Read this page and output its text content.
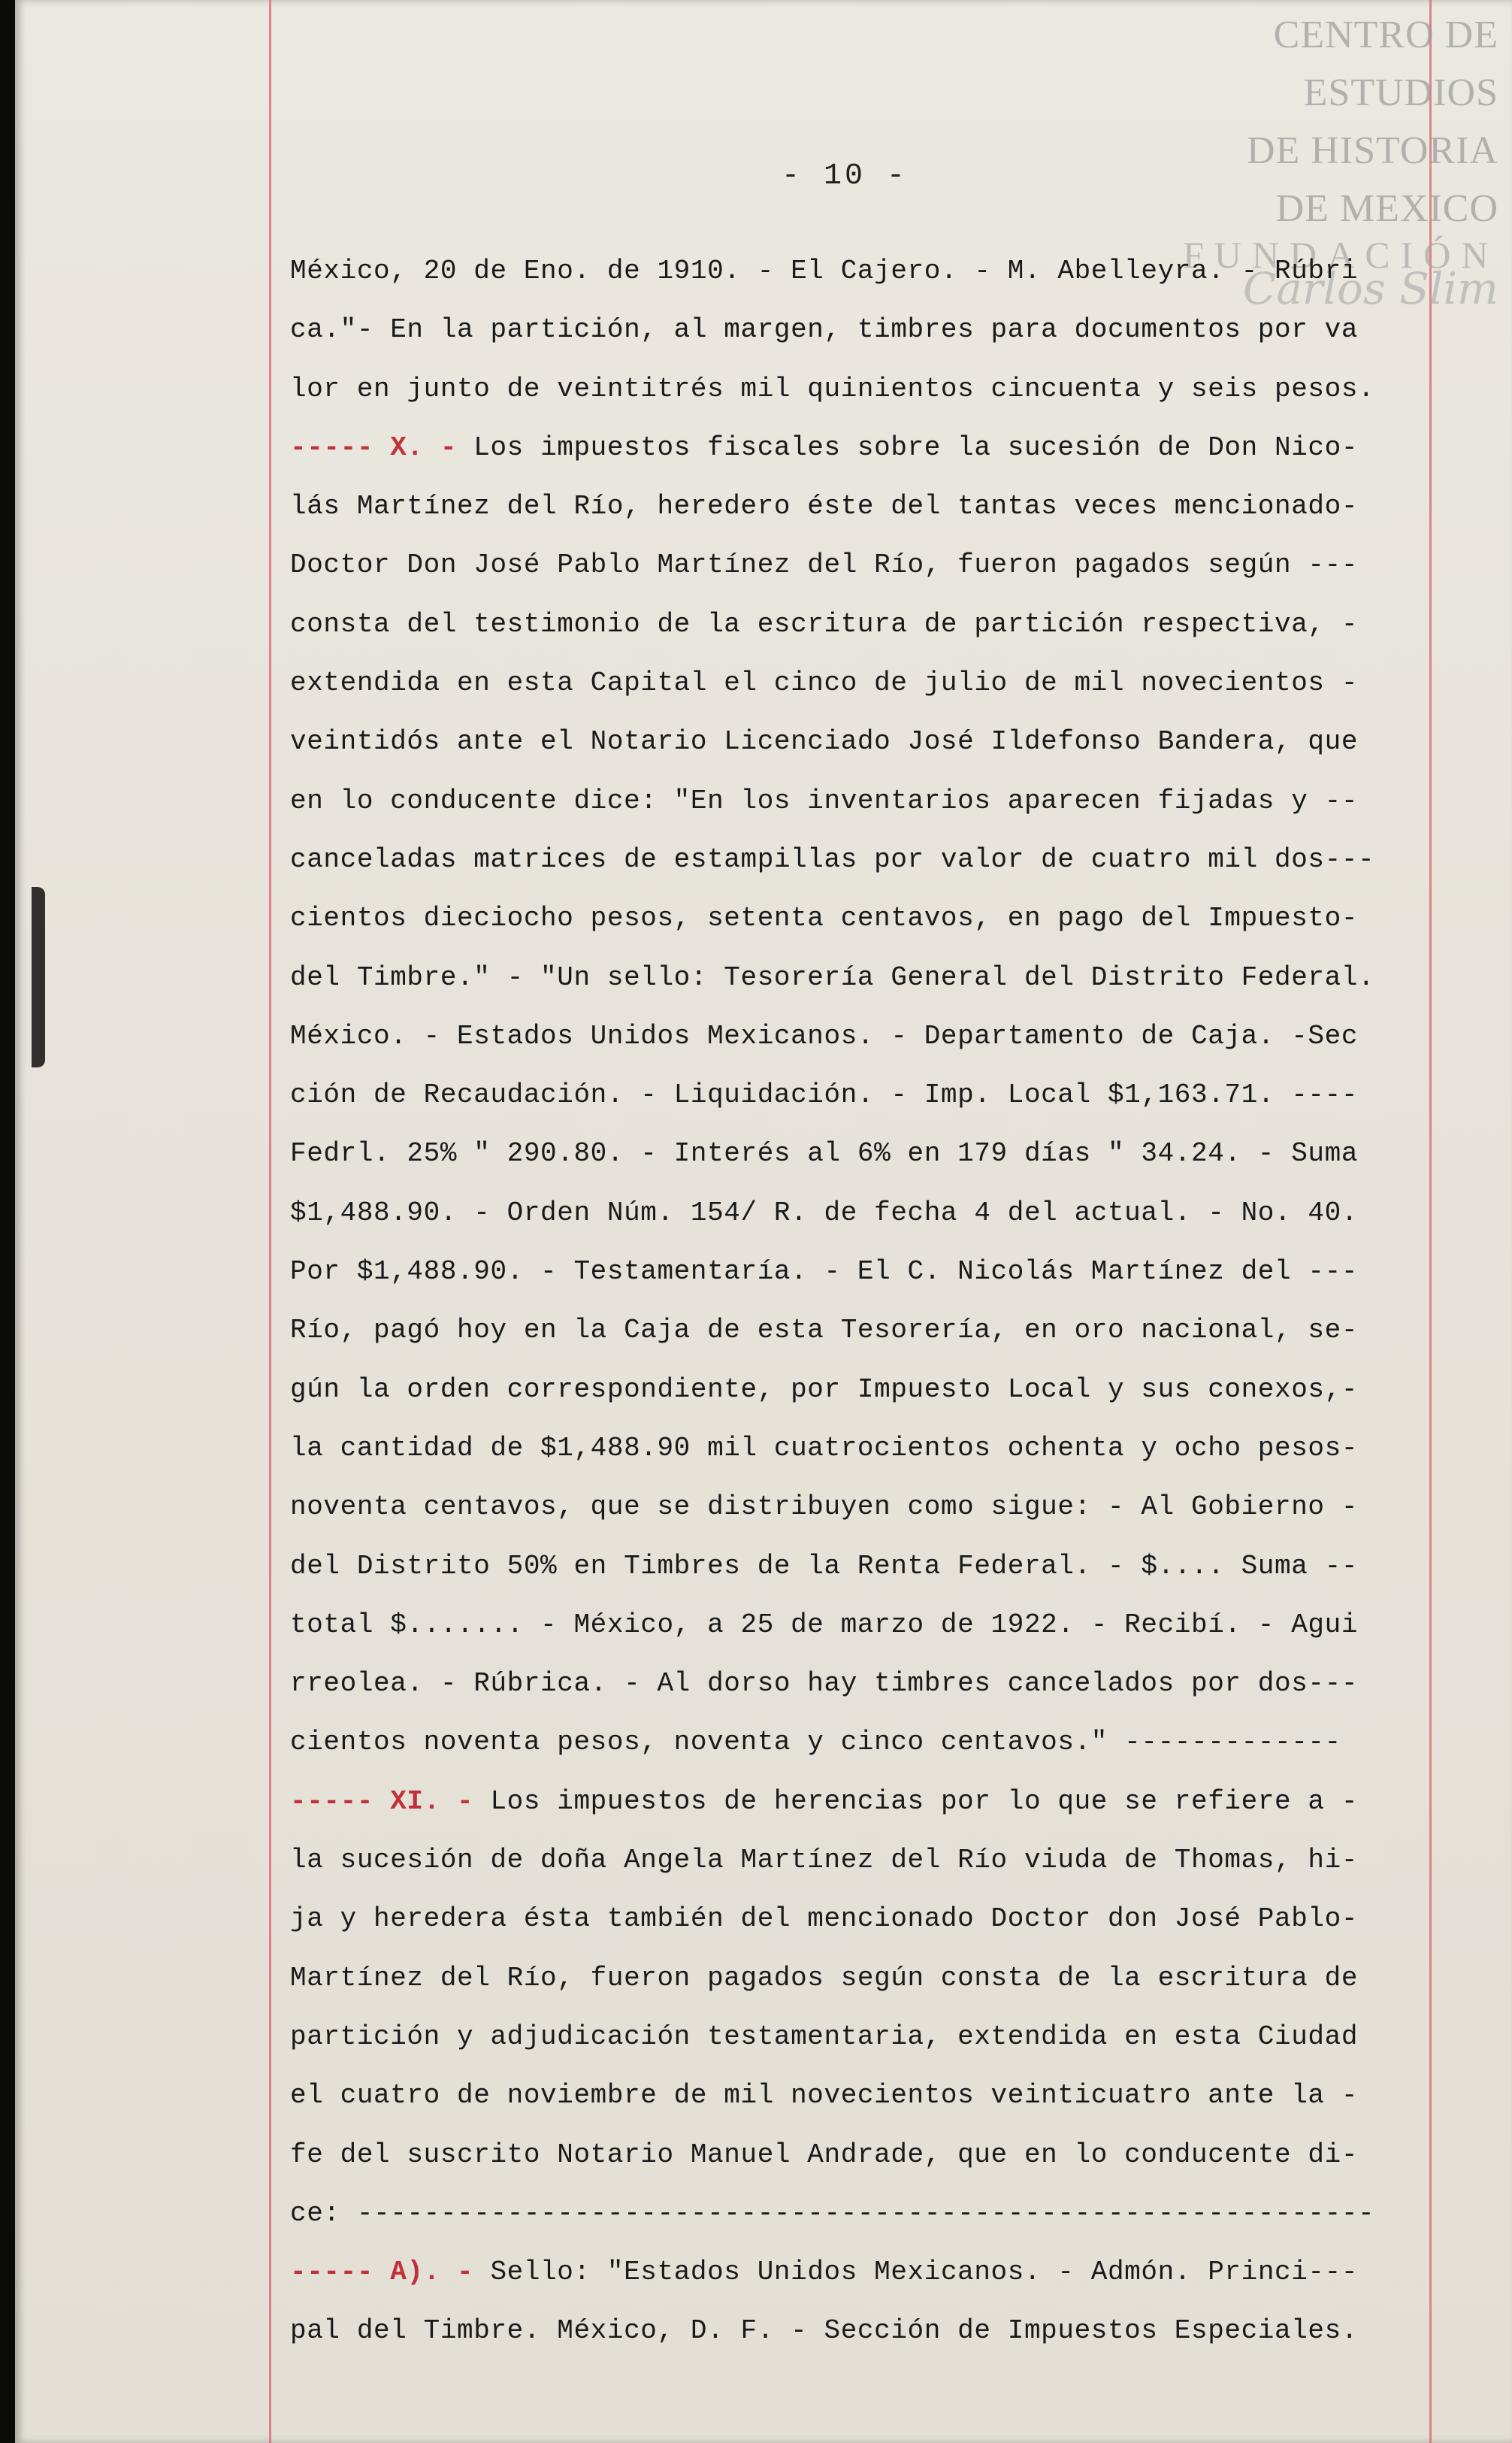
- 10 -
CENTRO DE
ESTUDIOS
DE HISTORIA
DE MEXICO
FUNDACIÓN
Carlos Slim
México, 20 de Eno. de 1910. - El Cajero. - M. Abelleyra. - Rúbri
ca."- En la partición, al margen, timbres para documentos por va
lor en junto de veintitrés mil quinientos cincuenta y seis pesos.
----- X. - Los impuestos fiscales sobre la sucesión de Don Nico-
lás Martínez del Río, heredero éste del tantas veces mencionado-
Doctor Don José Pablo Martínez del Río, fueron pagados según ---
consta del testimonio de la escritura de partición respectiva, -
extendida en esta Capital el cinco de julio de mil novecientos -
veintidós ante el Notario Licenciado José Ildefonso Bandera, que
en lo conducente dice: "En los inventarios aparecen fijadas y --
canceladas matrices de estampillas por valor de cuatro mil dos---
cientos dieciocho pesos, setenta centavos, en pago del Impuesto-
del Timbre." - "Un sello: Tesorería General del Distrito Federal.
México. - Estados Unidos Mexicanos. - Departamento de Caja. -Sec
ción de Recaudación. - Liquidación. - Imp. Local $1,163.71. ----
Fedrl. 25% " 290.80. - Interés al 6% en 179 días " 34.24. - Suma
$1,488.90. - Orden Núm. 154/ R. de fecha 4 del actual. - No. 40.
Por $1,488.90. - Testamentaría. - El C. Nicolás Martínez del ---
Río, pagó hoy en la Caja de esta Tesorería, en oro nacional, se-
gún la orden correspondiente, por Impuesto Local y sus conexos,-
la cantidad de $1,488.90 mil cuatrocientos ochenta y ocho pesos-
noventa centavos, que se distribuyen como sigue: - Al Gobierno -
del Distrito 50% en Timbres de la Renta Federal. - $.... Suma --
total $....... - México, a 25 de marzo de 1922. - Recibí. - Agui
rreolea. - Rúbrica. - Al dorso hay timbres cancelados por dos---
cientos noventa pesos, noventa y cinco centavos." -------------
----- XI. - Los impuestos de herencias por lo que se refiere a -
la sucesión de doña Angela Martínez del Río viuda de Thomas, hi-
ja y heredera ésta también del mencionado Doctor don José Pablo-
Martínez del Río, fueron pagados según consta de la escritura de
partición y adjudicación testamentaria, extendida en esta Ciudad
el cuatro de noviembre de mil novecientos veinticuatro ante la -
fe del suscrito Notario Manuel Andrade, que en lo conducente di-
ce: -------------------------------------------------------------
----- A). - Sello: "Estados Unidos Mexicanos. - Admón. Princi---
pal del Timbre. México, D. F. - Sección de Impuestos Especiales.
